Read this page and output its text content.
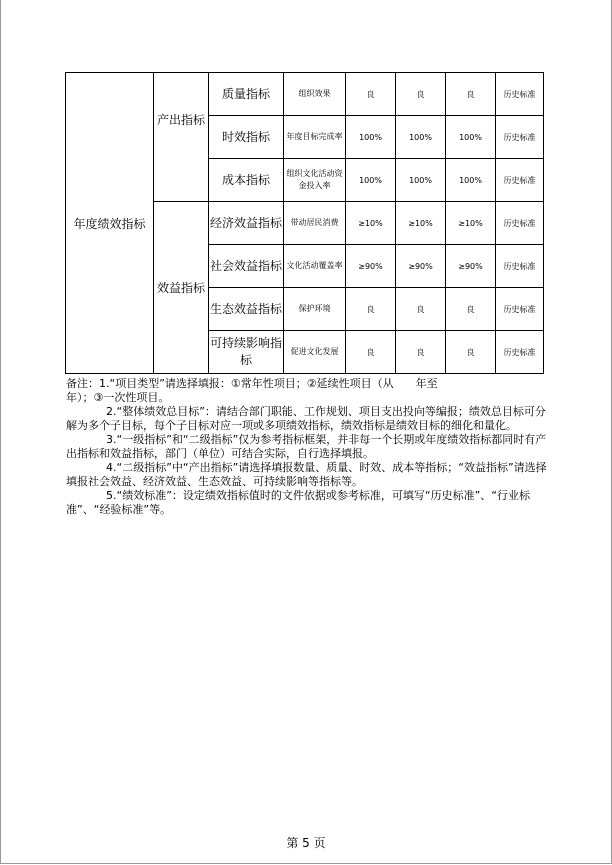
年度绩效指标	产出指标	质量指标	组织效果	良	良	良	历史标准
		时效指标	年度目标完成率	100%	100%	100%	历史标准
		成本指标	组织文化活动资金投入率	100%	100%	100%	历史标准
	效益指标	经济效益指标	带动居民消费	≥10%	≥10%	≥10%	历史标准
		社会效益指标	文化活动覆盖率	≥90%	≥90%	≥90%	历史标准
		生态效益指标	保护环境	良	良	良	历史标准
		可持续影响指标	促进文化发展	良	良	良	历史标准

备注：1.“项目类型”请选择填报：①常年性项目；②延续性项目（从　　年至

年）；③一次性项目。

2.“整体绩效总目标”：请结合部门职能、工作规划、项目支出投向等编报；绩效总目标可分解为多个子目标，每个子目标对应一项或多项绩效指标，绩效指标是绩效目标的细化和量化。

3.“一级指标”和“二级指标”仅为参考指标框架，并非每一个长期或年度绩效指标都同时有产出指标和效益指标，部门（单位）可结合实际，自行选择填报。

4.“二级指标”中“产出指标”请选择填报数量、质量、时效、成本等指标；“效益指标”请选择填报社会效益、经济效益、生态效益、可持续影响等指标等。

5.“绩效标准”：设定绩效指标值时的文件依据或参考标准，可填写“历史标准”、“行业标准”、“经验标准”等。

第 5 页
